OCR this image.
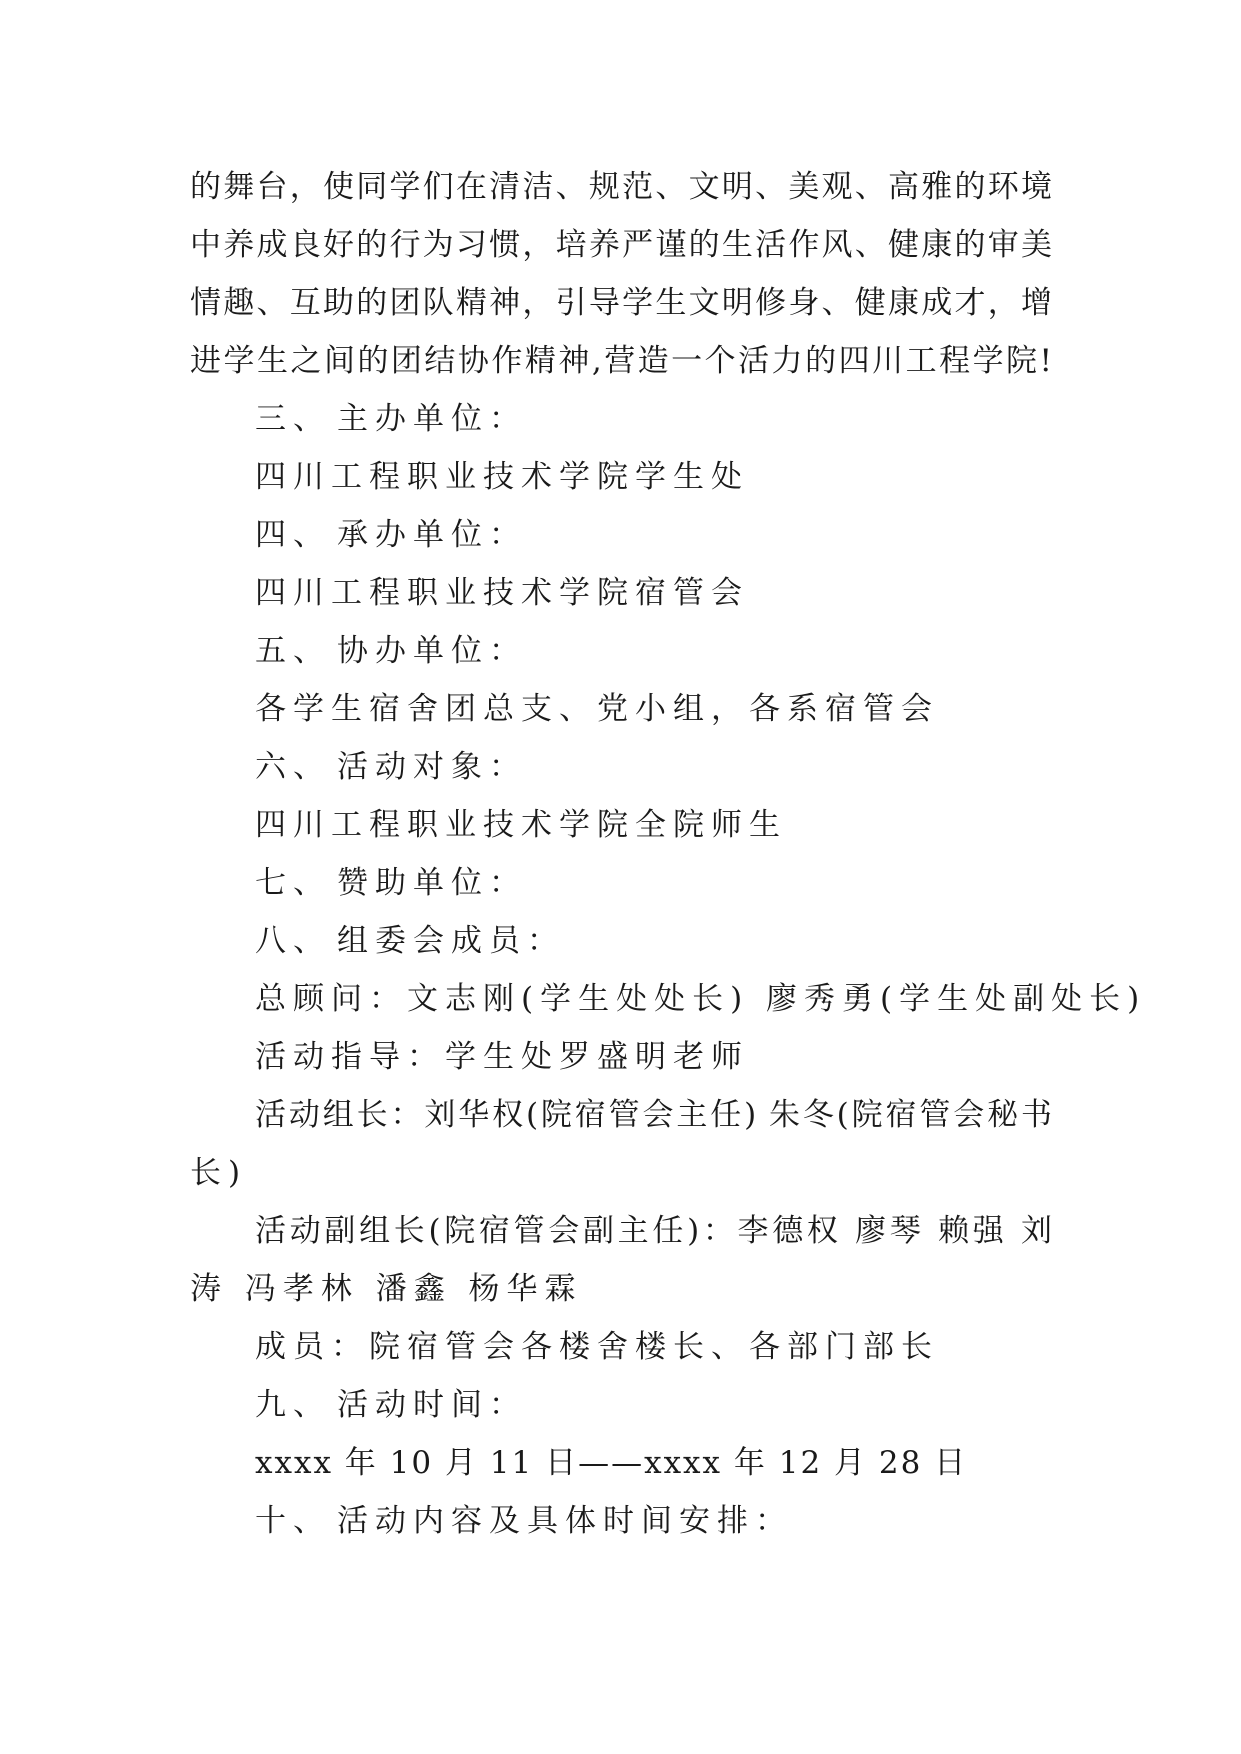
的舞台，使同学们在清洁、规范、文明、美观、高雅的环境
中养成良好的行为习惯，培养严谨的生活作风、健康的审美
情趣、互助的团队精神，引导学生文明修身、健康成才，增
进学生之间的团结协作精神,营造一个活力的四川工程学院!
三、 主办单位：
四川工程职业技术学院学生处
四、 承办单位：
四川工程职业技术学院宿管会
五、 协办单位：
各学生宿舍团总支、党小组，各系宿管会
六、 活动对象：
四川工程职业技术学院全院师生
七、 赞助单位：
八、 组委会成员：
总顾问：文志刚(学生处处长) 廖秀勇(学生处副处长)
活动指导：学生处罗盛明老师
活动组长：刘华权(院宿管会主任) 朱冬(院宿管会秘书
长)
活动副组长(院宿管会副主任)：李德权 廖琴 赖强 刘
涛 冯孝林 潘鑫 杨华霖
成员：院宿管会各楼舍楼长、各部门部长
九、 活动时间：
xxxx 年 10 月 11 日——xxxx 年 12 月 28 日
十、 活动内容及具体时间安排：
